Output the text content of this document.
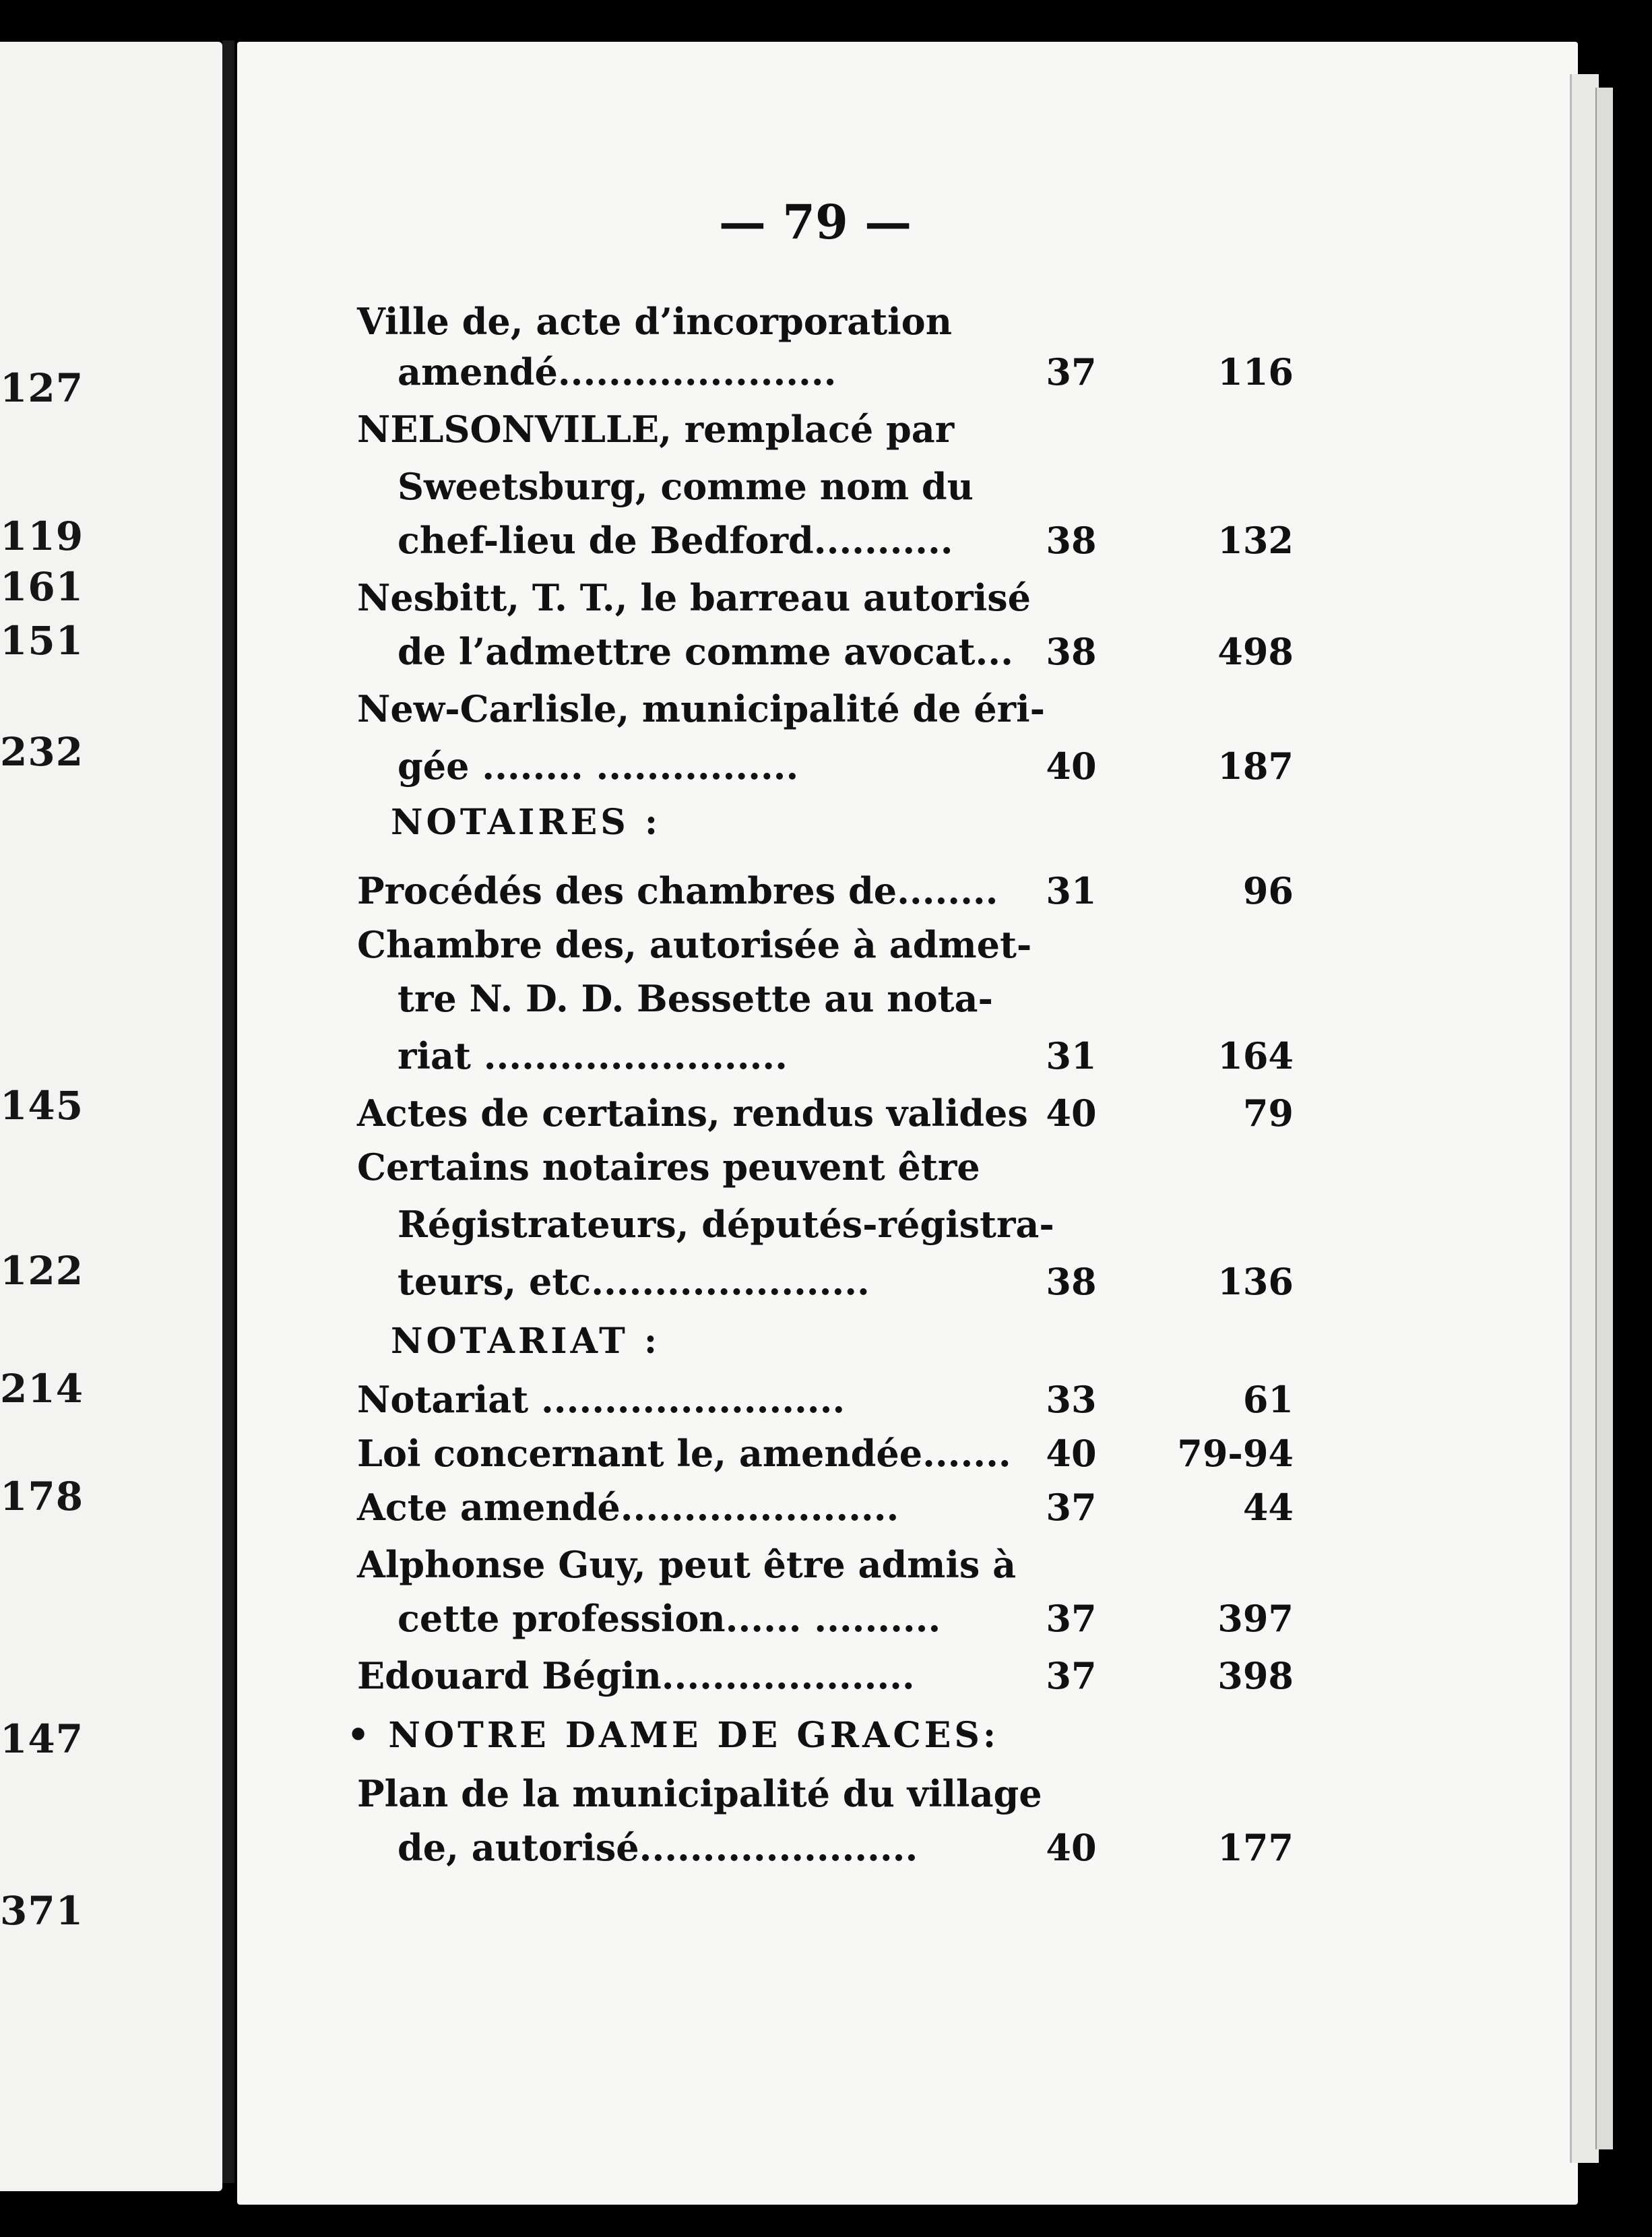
127
119
161
151
232
145
122
214
178
147
371
— 79 —
Ville de, acte d’incorporation
amendé......................	37	116
NELSONVILLE, remplacé par
Sweetsburg, comme nom du
chef-lieu de Bedford...........	38	132
Nesbitt, T. T., le barreau autorisé
de l’admettre comme avocat... 38	498
New-Carlisle, municipalité de éri-
gée ........ ................	40	187
NOTAIRES :
Procédés des chambres de........	31	96
Chambre des, autorisée à admet-
tre N. D. D. Bessette au nota-
riat ........................	31	164
Actes de certains, rendus valides 40	79
Certains notaires peuvent être
Régistrateurs, députés-régistra-
teurs, etc......................	38	136
NOTARIAT :
Notariat ........................	33	61
Loi concernant le, amendée....... 40	79-94
Acte amendé......................	37	44
Alphonse Guy, peut être admis à
cette profession...... ..........	37	397
Edouard Bégin....................	37	398
• NOTRE DAME DE GRACES:
Plan de la municipalité du village
de, autorisé......................	40	177
